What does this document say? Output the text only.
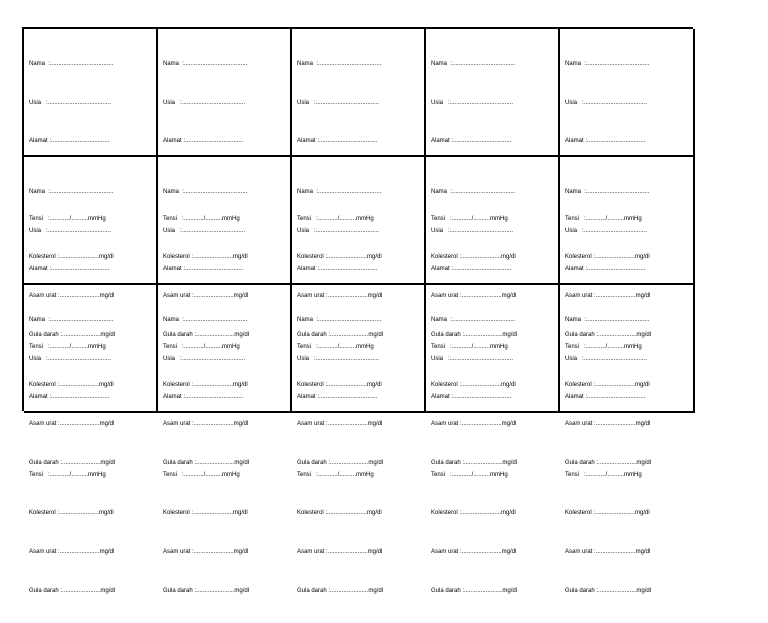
Nama  :......................................

Usia   :......................................

Alamat :...................................

Tensi   :............/..........mmHg

Kolesterol :........................mg/dl

Asam urat :........................mg/dl

Gula darah :.......................mg/dl

Nama  :......................................

Usia   :......................................

Alamat :...................................

Tensi   :............/..........mmHg

Kolesterol :........................mg/dl

Asam urat :........................mg/dl

Gula darah :.......................mg/dl

Nama  :......................................

Usia   :......................................

Alamat :...................................

Tensi   :............/..........mmHg

Kolesterol :........................mg/dl

Asam urat :........................mg/dl

Gula darah :.......................mg/dl

Nama  :......................................

Usia   :......................................

Alamat :...................................

Tensi   :............/..........mmHg

Kolesterol :........................mg/dl

Asam urat :........................mg/dl

Gula darah :.......................mg/dl

Nama  :......................................

Usia   :......................................

Alamat :...................................

Tensi   :............/..........mmHg

Kolesterol :........................mg/dl

Asam urat :........................mg/dl

Gula darah :.......................mg/dl

Nama  :......................................

Usia   :......................................

Alamat :...................................

Tensi   :............/..........mmHg

Kolesterol :........................mg/dl

Asam urat :........................mg/dl

Gula darah :.......................mg/dl

Nama  :......................................

Usia   :......................................

Alamat :...................................

Tensi   :............/..........mmHg

Kolesterol :........................mg/dl

Asam urat :........................mg/dl

Gula darah :.......................mg/dl

Nama  :......................................

Usia   :......................................

Alamat :...................................

Tensi   :............/..........mmHg

Kolesterol :........................mg/dl

Asam urat :........................mg/dl

Gula darah :.......................mg/dl

Nama  :......................................

Usia   :......................................

Alamat :...................................

Tensi   :............/..........mmHg

Kolesterol :........................mg/dl

Asam urat :........................mg/dl

Gula darah :.......................mg/dl

Nama  :......................................

Usia   :......................................

Alamat :...................................

Tensi   :............/..........mmHg

Kolesterol :........................mg/dl

Asam urat :........................mg/dl

Gula darah :.......................mg/dl

Nama  :......................................

Usia   :......................................

Alamat :...................................

Tensi   :............/..........mmHg

Kolesterol :........................mg/dl

Asam urat :........................mg/dl

Gula darah :.......................mg/dl

Nama  :......................................

Usia   :......................................

Alamat :...................................

Tensi   :............/..........mmHg

Kolesterol :........................mg/dl

Asam urat :........................mg/dl

Gula darah :.......................mg/dl

Nama  :......................................

Usia   :......................................

Alamat :...................................

Tensi   :............/..........mmHg

Kolesterol :........................mg/dl

Asam urat :........................mg/dl

Gula darah :.......................mg/dl

Nama  :......................................

Usia   :......................................

Alamat :...................................

Tensi   :............/..........mmHg

Kolesterol :........................mg/dl

Asam urat :........................mg/dl

Gula darah :.......................mg/dl

Nama  :......................................

Usia   :......................................

Alamat :...................................

Tensi   :............/..........mmHg

Kolesterol :........................mg/dl

Asam urat :........................mg/dl

Gula darah :.......................mg/dl
